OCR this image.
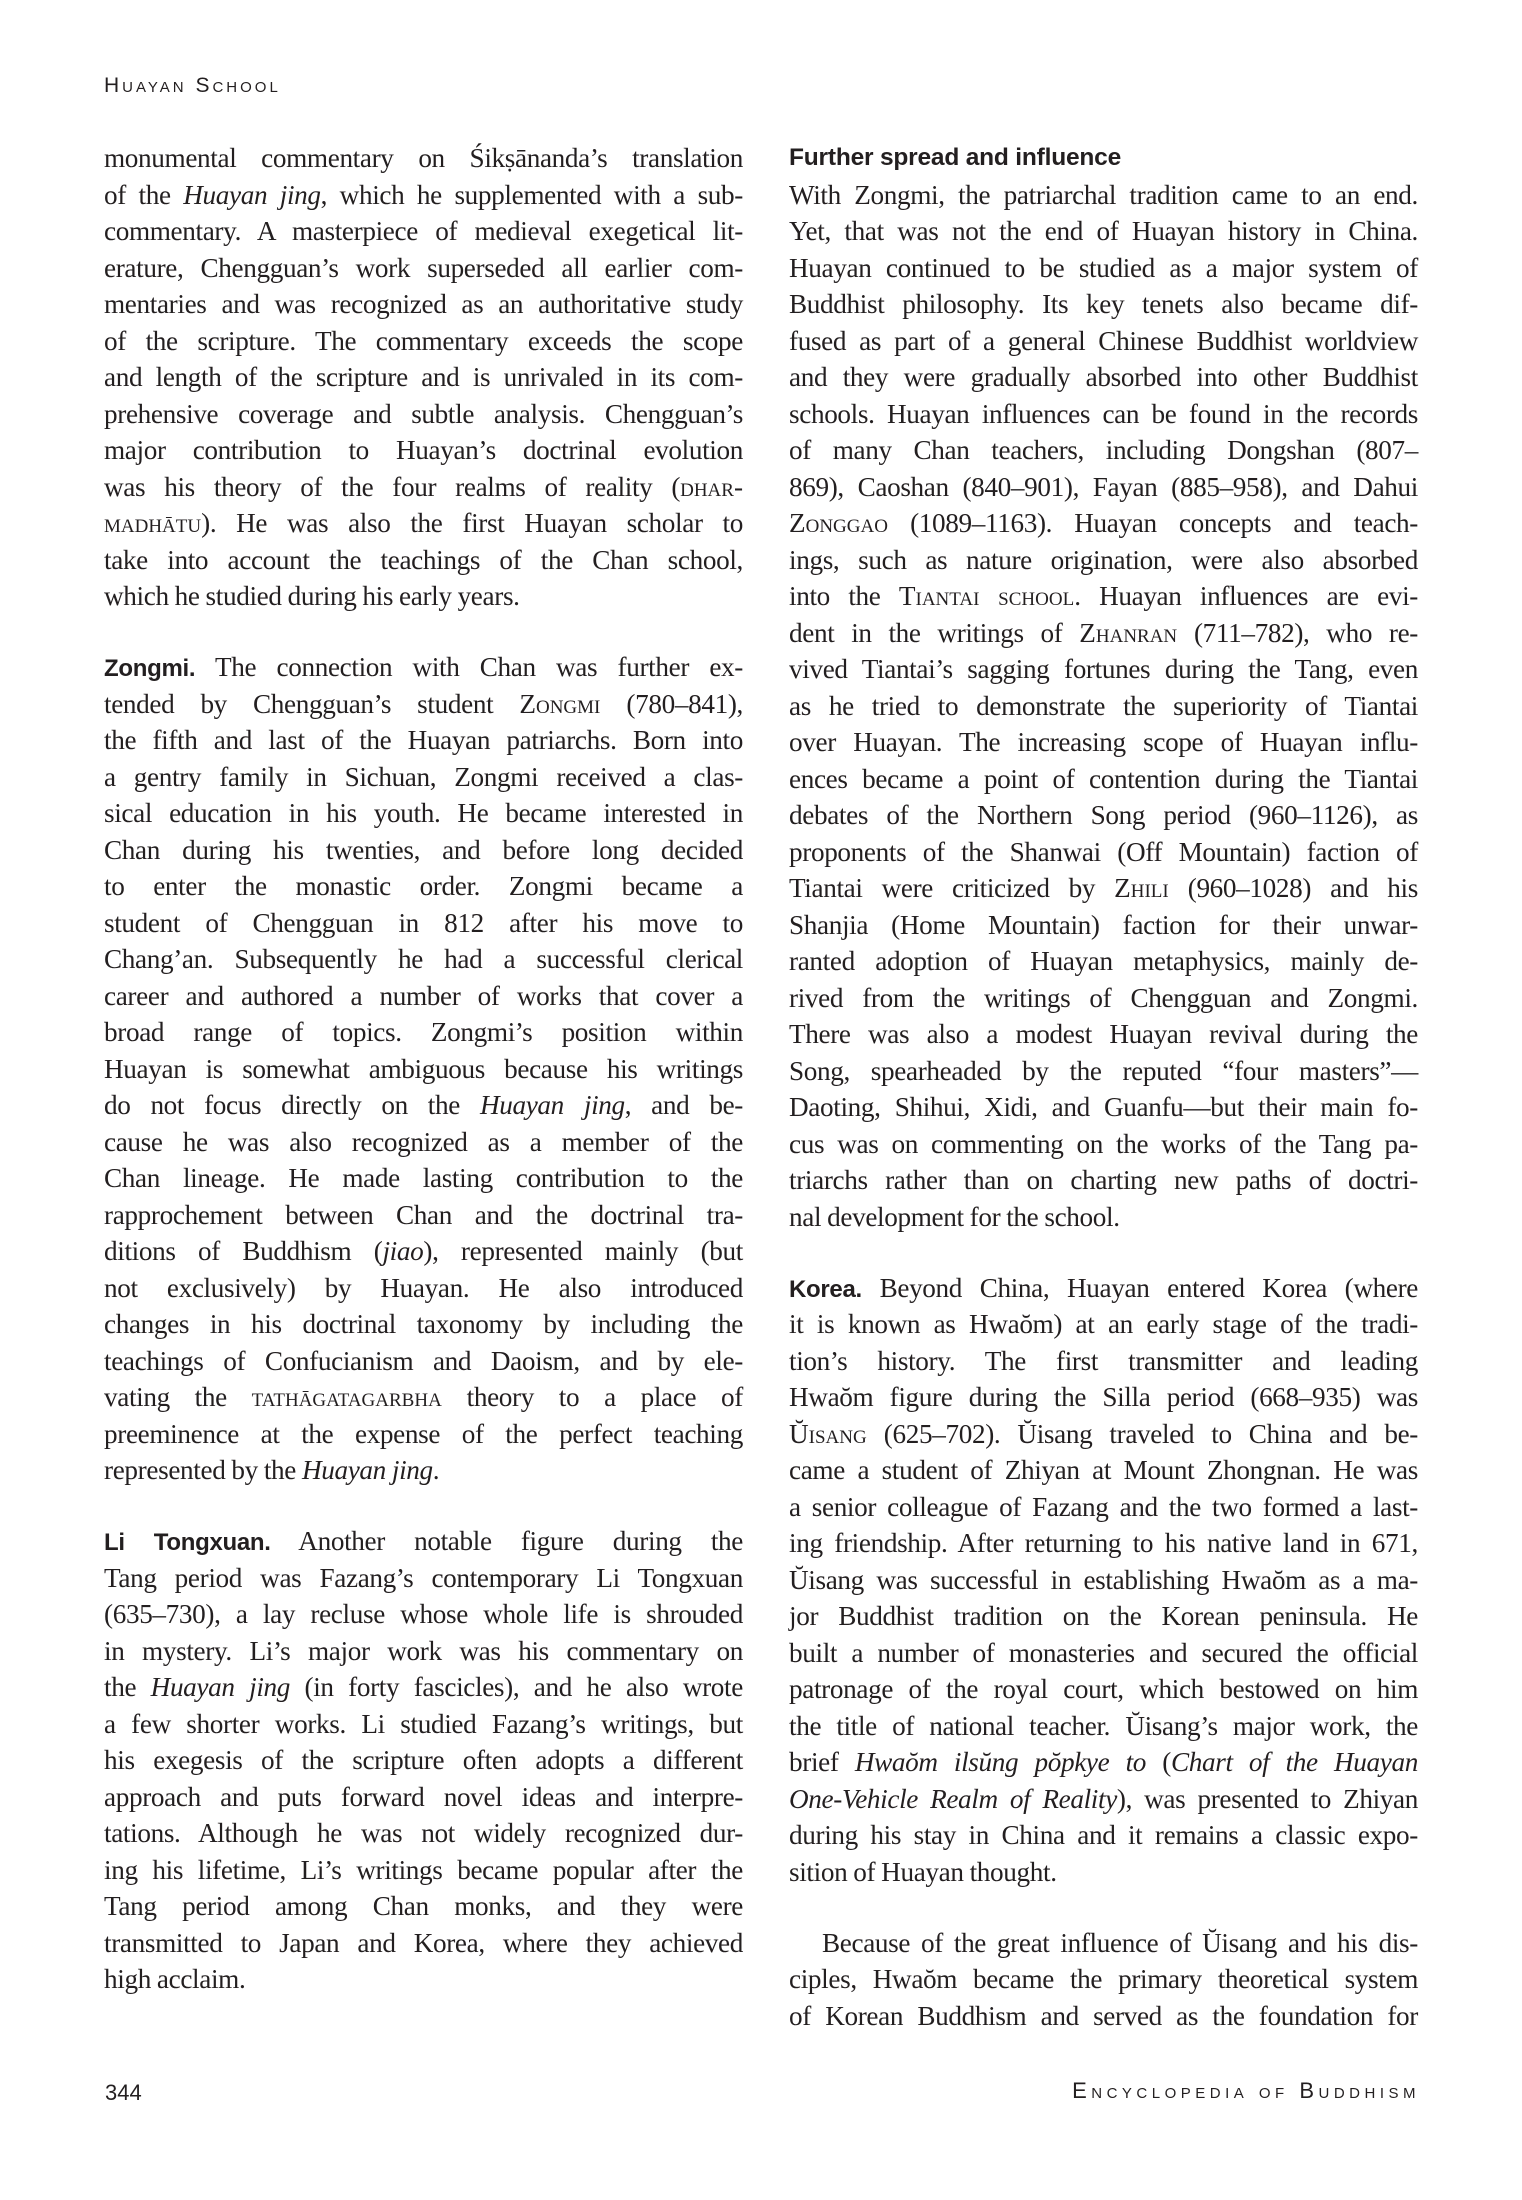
Huayan School
monumental commentary on Śikṣānanda’s translation
of the Huayan jing, which he supplemented with a sub-
commentary. A masterpiece of medieval exegetical lit-
erature, Chengguan’s work superseded all earlier com-
mentaries and was recognized as an authoritative study
of the scripture. The commentary exceeds the scope
and length of the scripture and is unrivaled in its com-
prehensive coverage and subtle analysis. Chengguan’s
major contribution to Huayan’s doctrinal evolution
was his theory of the four realms of reality (dhar-
madhātu). He was also the first Huayan scholar to
take into account the teachings of the Chan school,
which he studied during his early years.
Zongmi. The connection with Chan was further ex-
tended by Chengguan’s student Zongmi (780–841),
the fifth and last of the Huayan patriarchs. Born into
a gentry family in Sichuan, Zongmi received a clas-
sical education in his youth. He became interested in
Chan during his twenties, and before long decided
to enter the monastic order. Zongmi became a
student of Chengguan in 812 after his move to
Chang’an. Subsequently he had a successful clerical
career and authored a number of works that cover a
broad range of topics. Zongmi’s position within
Huayan is somewhat ambiguous because his writings
do not focus directly on the Huayan jing, and be-
cause he was also recognized as a member of the
Chan lineage. He made lasting contribution to the
rapprochement between Chan and the doctrinal tra-
ditions of Buddhism (jiao), represented mainly (but
not exclusively) by Huayan. He also introduced
changes in his doctrinal taxonomy by including the
teachings of Confucianism and Daoism, and by ele-
vating the tathāgatagarbha theory to a place of
preeminence at the expense of the perfect teaching
represented by the Huayan jing.
Li Tongxuan. Another notable figure during the
Tang period was Fazang’s contemporary Li Tongxuan
(635–730), a lay recluse whose whole life is shrouded
in mystery. Li’s major work was his commentary on
the Huayan jing (in forty fascicles), and he also wrote
a few shorter works. Li studied Fazang’s writings, but
his exegesis of the scripture often adopts a different
approach and puts forward novel ideas and interpre-
tations. Although he was not widely recognized dur-
ing his lifetime, Li’s writings became popular after the
Tang period among Chan monks, and they were
transmitted to Japan and Korea, where they achieved
high acclaim.
Further spread and influence
With Zongmi, the patriarchal tradition came to an end.
Yet, that was not the end of Huayan history in China.
Huayan continued to be studied as a major system of
Buddhist philosophy. Its key tenets also became dif-
fused as part of a general Chinese Buddhist worldview
and they were gradually absorbed into other Buddhist
schools. Huayan influences can be found in the records
of many Chan teachers, including Dongshan (807–
869), Caoshan (840–901), Fayan (885–958), and Dahui
Zonggao (1089–1163). Huayan concepts and teach-
ings, such as nature origination, were also absorbed
into the Tiantai school. Huayan influences are evi-
dent in the writings of Zhanran (711–782), who re-
vived Tiantai’s sagging fortunes during the Tang, even
as he tried to demonstrate the superiority of Tiantai
over Huayan. The increasing scope of Huayan influ-
ences became a point of contention during the Tiantai
debates of the Northern Song period (960–1126), as
proponents of the Shanwai (Off Mountain) faction of
Tiantai were criticized by Zhili (960–1028) and his
Shanjia (Home Mountain) faction for their unwar-
ranted adoption of Huayan metaphysics, mainly de-
rived from the writings of Chengguan and Zongmi.
There was also a modest Huayan revival during the
Song, spearheaded by the reputed “four masters”—
Daoting, Shihui, Xidi, and Guanfu—but their main fo-
cus was on commenting on the works of the Tang pa-
triarchs rather than on charting new paths of doctri-
nal development for the school.
Korea. Beyond China, Huayan entered Korea (where
it is known as Hwaŏm) at an early stage of the tradi-
tion’s history. The first transmitter and leading
Hwaŏm figure during the Silla period (668–935) was
Ŭisang (625–702). Ŭisang traveled to China and be-
came a student of Zhiyan at Mount Zhongnan. He was
a senior colleague of Fazang and the two formed a last-
ing friendship. After returning to his native land in 671,
Ŭisang was successful in establishing Hwaŏm as a ma-
jor Buddhist tradition on the Korean peninsula. He
built a number of monasteries and secured the official
patronage of the royal court, which bestowed on him
the title of national teacher. Ŭisang’s major work, the
brief Hwaŏm ilsŭng pŏpkye to (Chart of the Huayan
One-Vehicle Realm of Reality), was presented to Zhiyan
during his stay in China and it remains a classic expo-
sition of Huayan thought.
Because of the great influence of Ŭisang and his dis-
ciples, Hwaŏm became the primary theoretical system
of Korean Buddhism and served as the foundation for
344	Encyclopedia of Buddhism
